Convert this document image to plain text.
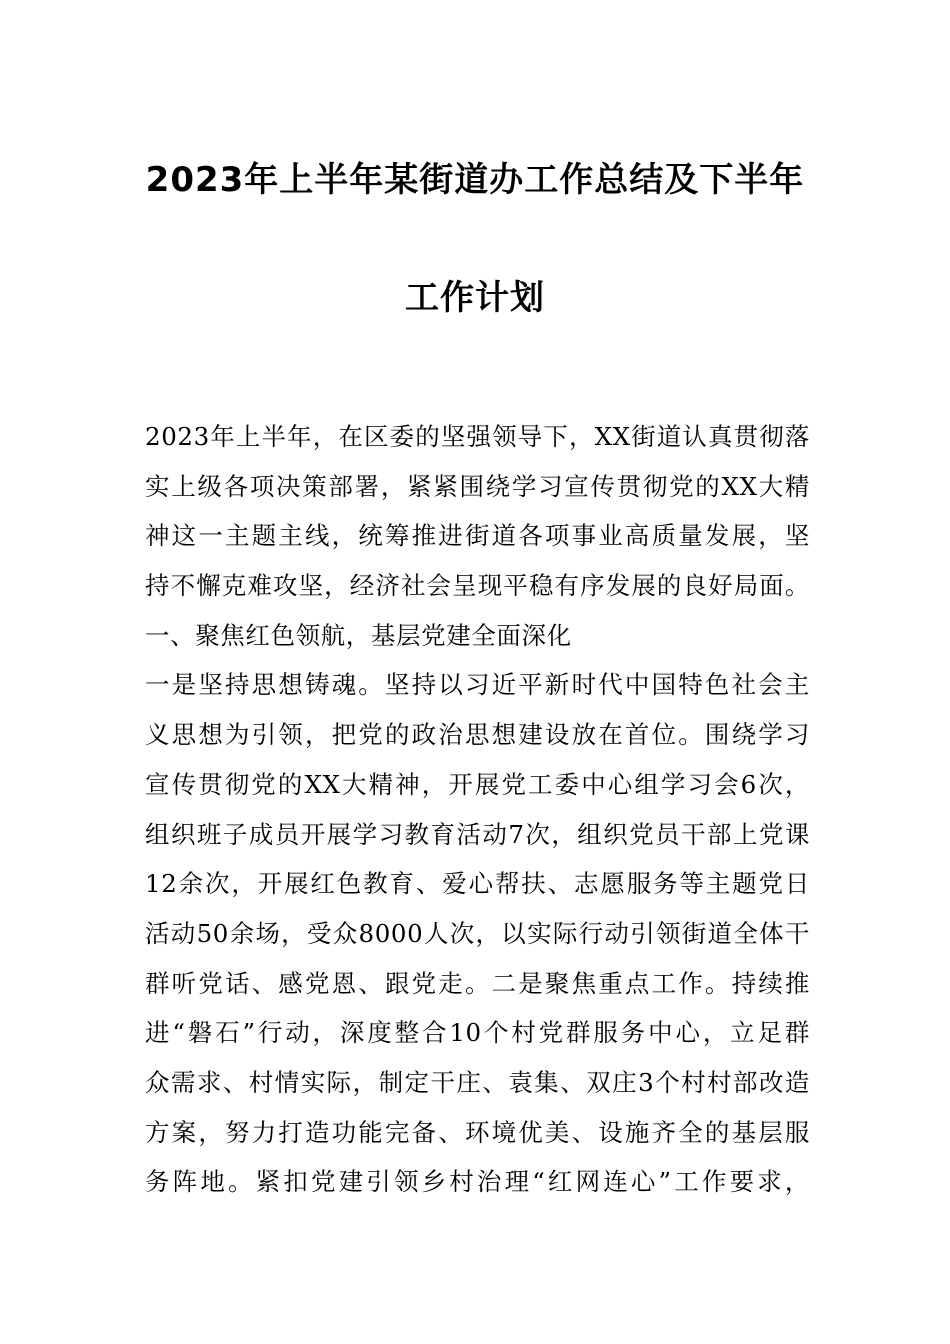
2023年上半年某街道办工作总结及下半年
工作计划
2023年上半年，在区委的坚强领导下，XX街道认真贯彻落
实上级各项决策部署，紧紧围绕学习宣传贯彻党的XX大精
神这一主题主线，统筹推进街道各项事业高质量发展，坚
持不懈克难攻坚，经济社会呈现平稳有序发展的良好局面。
一、聚焦红色领航，基层党建全面深化
一是坚持思想铸魂。坚持以习近平新时代中国特色社会主
义思想为引领，把党的政治思想建设放在首位。围绕学习
宣传贯彻党的XX大精神，开展党工委中心组学习会6次，
组织班子成员开展学习教育活动7次，组织党员干部上党课
12余次，开展红色教育、爱心帮扶、志愿服务等主题党日
活动50余场，受众8000人次，以实际行动引领街道全体干
群听党话、感党恩、跟党走。二是聚焦重点工作。持续推
进“磐石”行动，深度整合10个村党群服务中心，立足群
众需求、村情实际，制定干庄、袁集、双庄3个村村部改造
方案，努力打造功能完备、环境优美、设施齐全的基层服
务阵地。紧扣党建引领乡村治理“红网连心”工作要求，
